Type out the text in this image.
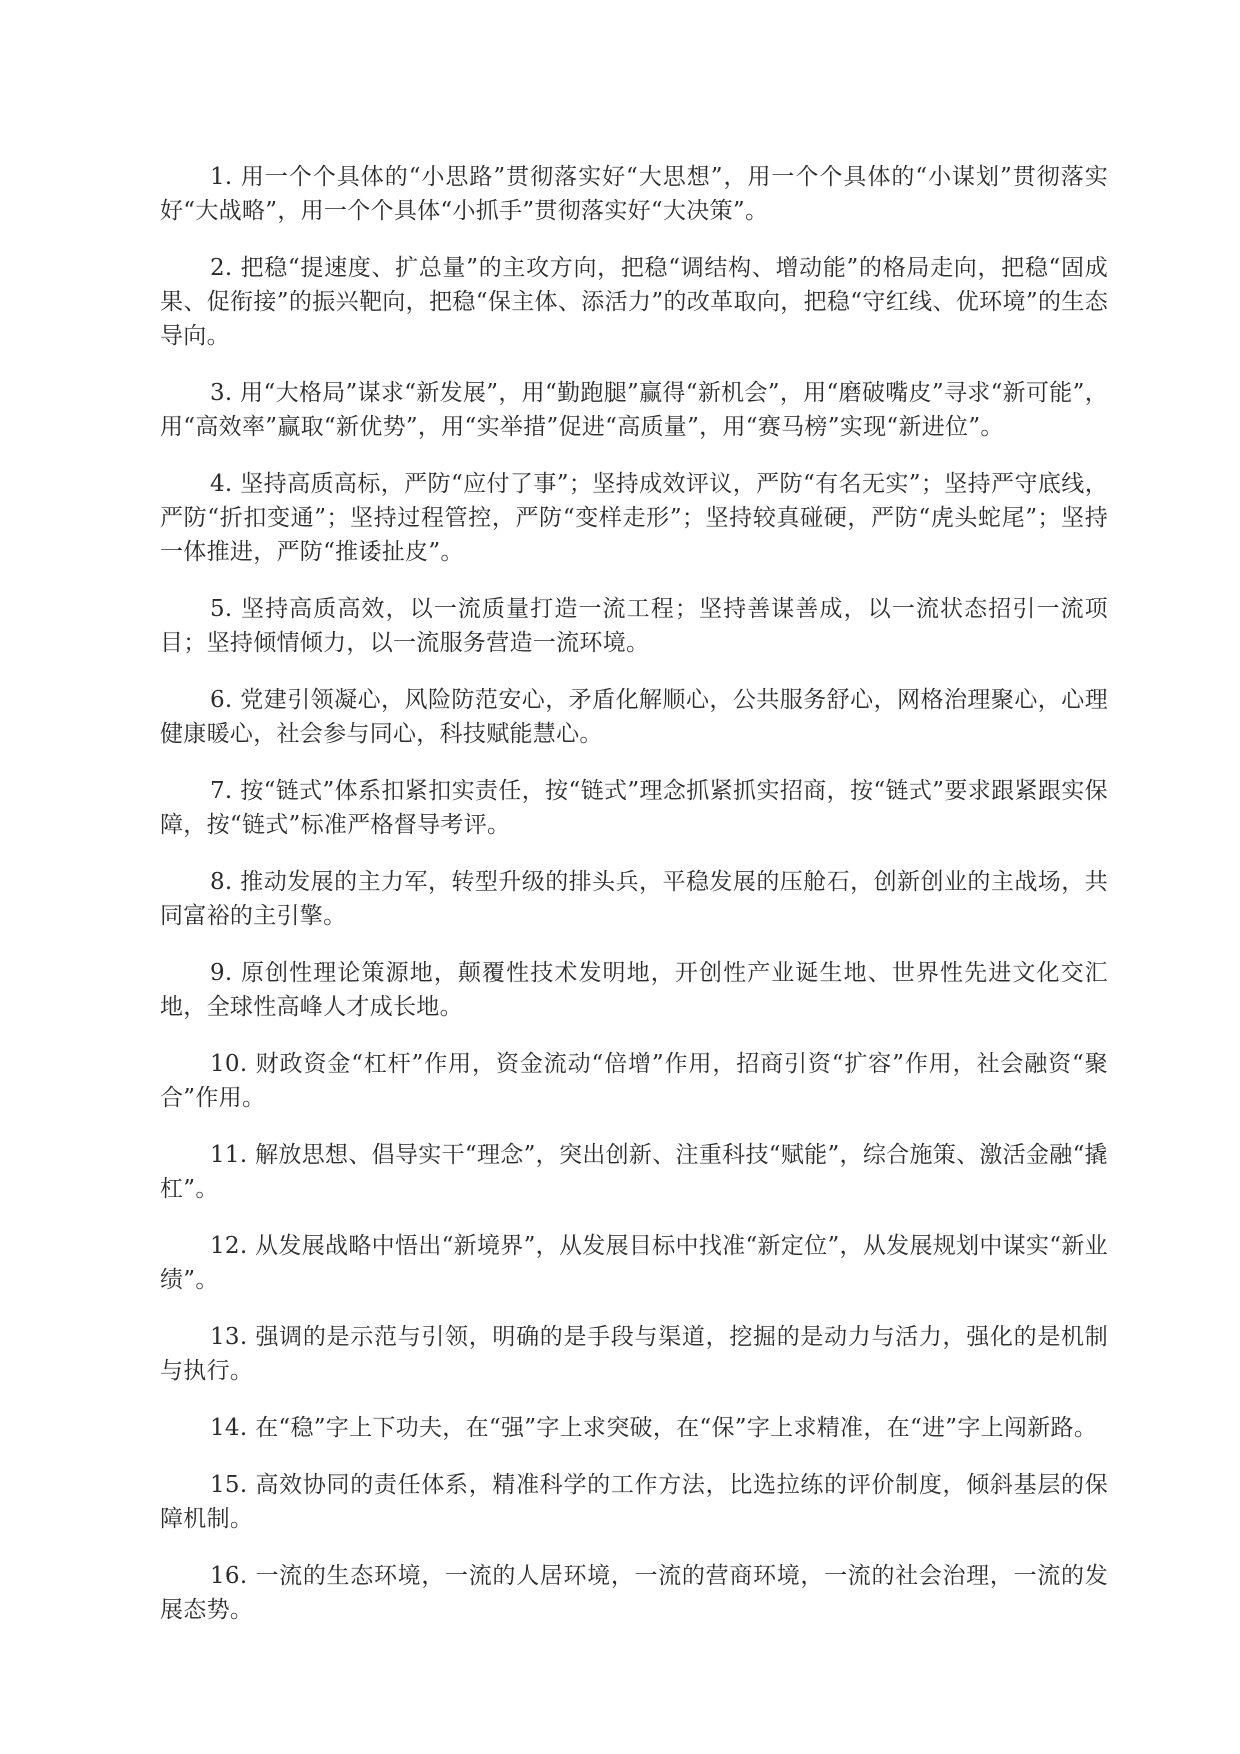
1. 用一个个具体的“小思路”贯彻落实好“大思想”，用一个个具体的“小谋划”贯彻落实好“大战略”，用一个个具体“小抓手”贯彻落实好“大决策”。

2. 把稳“提速度、扩总量”的主攻方向，把稳“调结构、增动能”的格局走向，把稳“固成果、促衔接”的振兴靶向，把稳“保主体、添活力”的改革取向，把稳“守红线、优环境”的生态导向。

3. 用“大格局”谋求“新发展”，用“勤跑腿”赢得“新机会”，用“磨破嘴皮”寻求“新可能”，用“高效率”赢取“新优势”，用“实举措”促进“高质量”，用“赛马榜”实现“新进位”。

4. 坚持高质高标，严防“应付了事”；坚持成效评议，严防“有名无实”；坚持严守底线，严防“折扣变通”；坚持过程管控，严防“变样走形”；坚持较真碰硬，严防“虎头蛇尾”；坚持一体推进，严防“推诿扯皮”。

5. 坚持高质高效，以一流质量打造一流工程；坚持善谋善成，以一流状态招引一流项目；坚持倾情倾力，以一流服务营造一流环境。

6. 党建引领凝心，风险防范安心，矛盾化解顺心，公共服务舒心，网格治理聚心，心理健康暖心，社会参与同心，科技赋能慧心。

7. 按“链式”体系扣紧扣实责任，按“链式”理念抓紧抓实招商，按“链式”要求跟紧跟实保障，按“链式”标准严格督导考评。

8. 推动发展的主力军，转型升级的排头兵，平稳发展的压舱石，创新创业的主战场，共同富裕的主引擎。

9. 原创性理论策源地，颠覆性技术发明地，开创性产业诞生地、世界性先进文化交汇地，全球性高峰人才成长地。

10. 财政资金“杠杆”作用，资金流动“倍增”作用，招商引资“扩容”作用，社会融资“聚合”作用。

11. 解放思想、倡导实干“理念”，突出创新、注重科技“赋能”，综合施策、激活金融“撬杠”。

12. 从发展战略中悟出“新境界”，从发展目标中找准“新定位”，从发展规划中谋实“新业绩”。

13. 强调的是示范与引领，明确的是手段与渠道，挖掘的是动力与活力，强化的是机制与执行。

14. 在“稳”字上下功夫，在“强”字上求突破，在“保”字上求精准，在“进”字上闯新路。

15. 高效协同的责任体系，精准科学的工作方法，比选拉练的评价制度，倾斜基层的保障机制。

16. 一流的生态环境，一流的人居环境，一流的营商环境，一流的社会治理，一流的发展态势。
